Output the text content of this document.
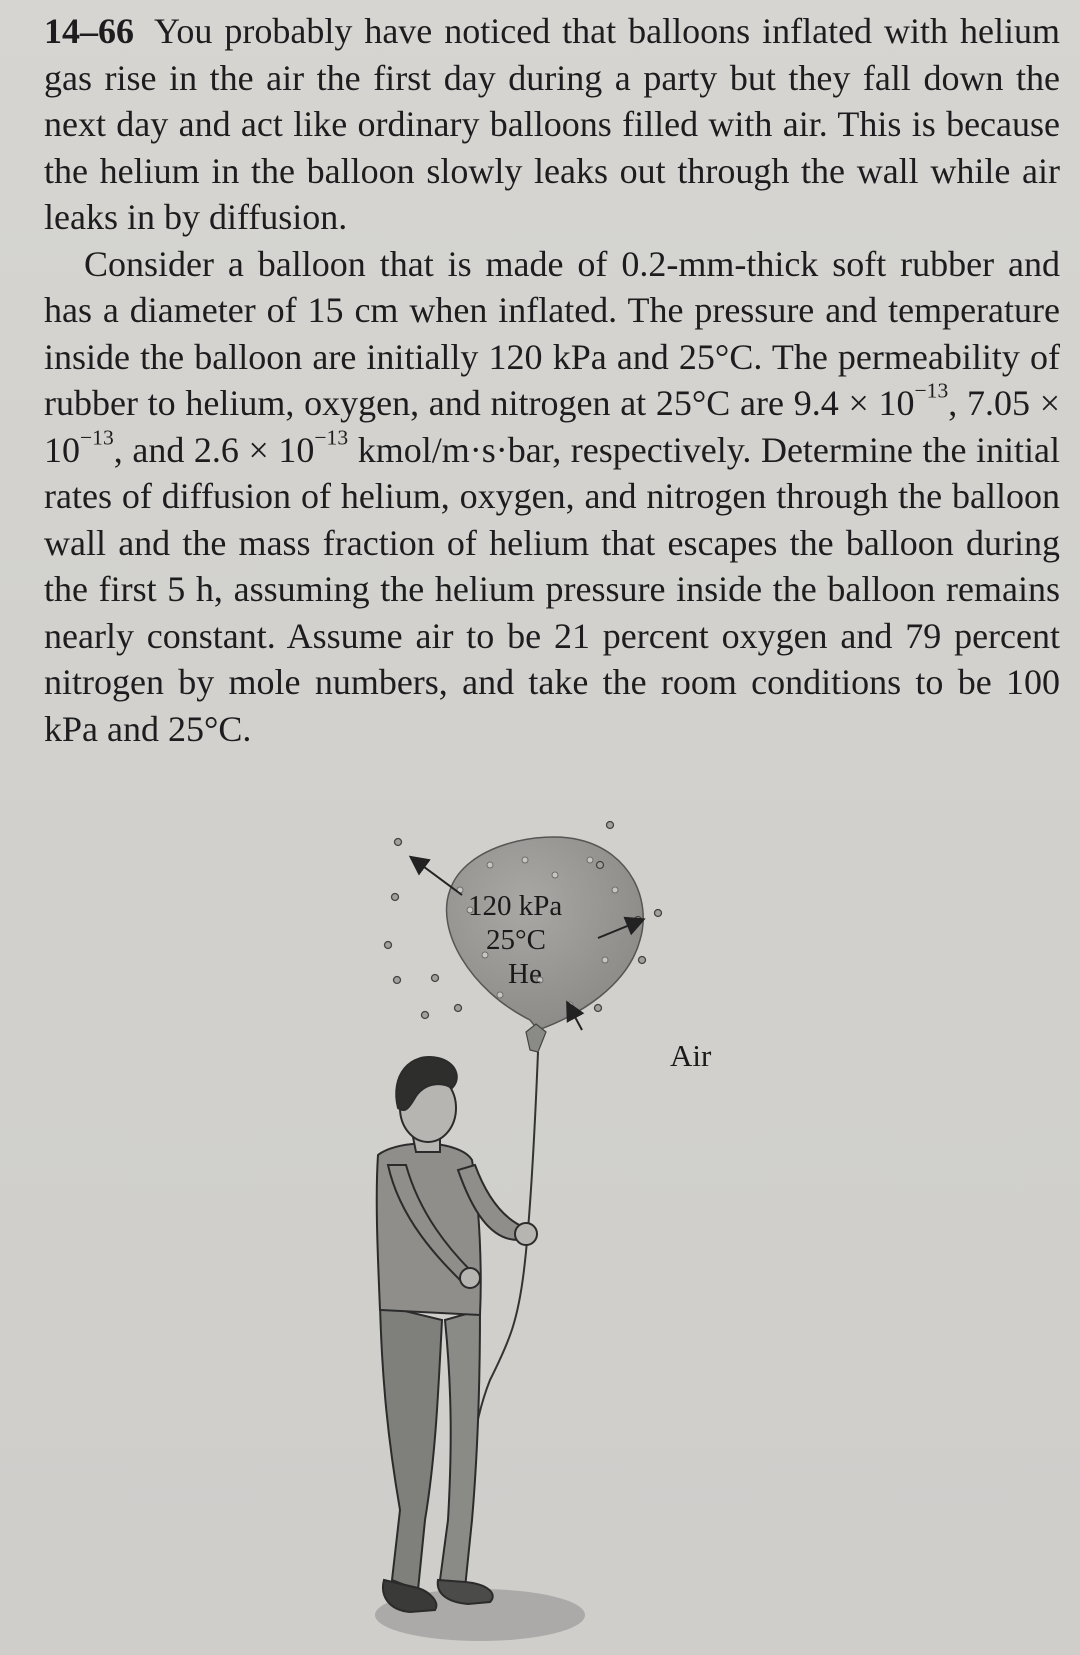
14–66 You probably have noticed that balloons inflated with helium gas rise in the air the first day during a party but they fall down the next day and act like ordinary balloons filled with air. This is because the helium in the balloon slowly leaks out through the wall while air leaks in by diffusion.

Consider a balloon that is made of 0.2-mm-thick soft rubber and has a diameter of 15 cm when inflated. The pressure and temperature inside the balloon are initially 120 kPa and 25°C. The permeability of rubber to helium, oxygen, and nitrogen at 25°C are $9.4 \times 10^{-13}$, $7.05 \times 10^{-13}$, and $2.6 \times 10^{-13}$ kmol/m·s·bar, respectively. Determine the initial rates of diffusion of helium, oxygen, and nitrogen through the balloon wall and the mass fraction of helium that escapes the balloon during the first 5 h, assuming the helium pressure inside the balloon remains nearly constant. Assume air to be 21 percent oxygen and 79 percent nitrogen by mole numbers, and take the room conditions to be 100 kPa and 25°C.

120 kPa
25°C
He
Air
